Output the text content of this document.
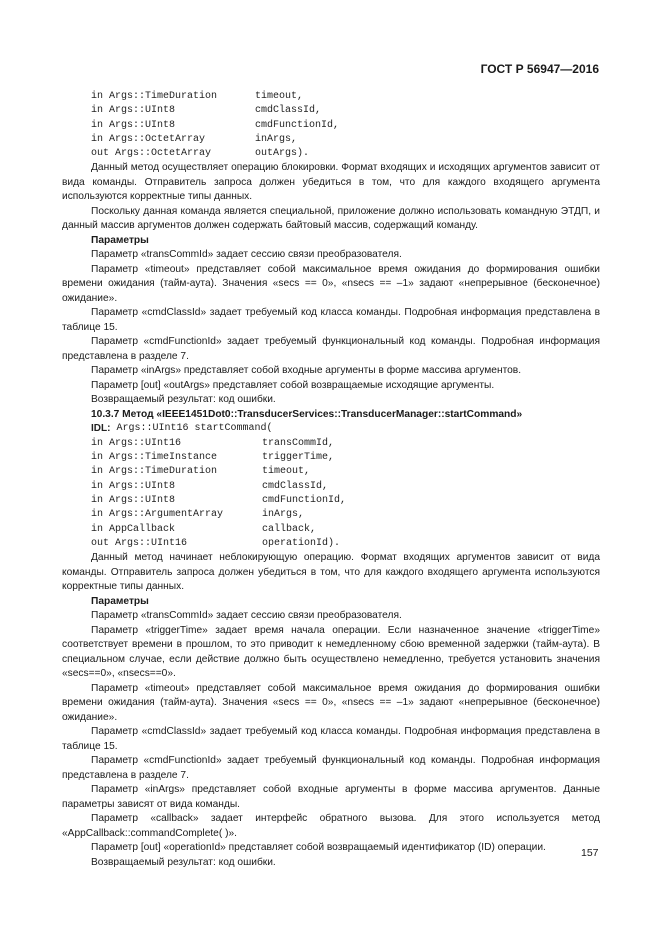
ГОСТ Р 56947—2016
in Args::TimeDuration	timeout,
in Args::UInt8	cmdClassId,
in Args::UInt8	cmdFunctionId,
in Args::OctetArray	inArgs,
out Args::OctetArray	outArgs).

Данный метод осуществляет операцию блокировки. Формат входящих и исходящих аргументов зависит от вида команды. Отправитель запроса должен убедиться в том, что для каждого входящего аргумента используются корректные типы данных.

Поскольку данная команда является специальной, приложение должно использовать командную ЭТДП, и данный массив аргументов должен содержать байтовый массив, содержащий команду.

Параметры

Параметр «transCommId» задает сессию связи преобразователя.

Параметр «timeout» представляет собой максимальное время ожидания до формирования ошибки времени ожидания (тайм-аута). Значения «secs == 0», «nsecs == –1» задают «непрерывное (бесконечное) ожидание».

Параметр «cmdClassId» задает требуемый код класса команды. Подробная информация представлена в таблице 15.

Параметр «cmdFunctionId» задает требуемый функциональный код команды. Подробная информация представлена в разделе 7.

Параметр «inArgs» представляет собой входные аргументы в форме массива аргументов.

Параметр [out] «outArgs» представляет собой возвращаемые исходящие аргументы.

Возвращаемый результат: код ошибки.

10.3.7 Метод «IEEE1451Dot0::TransducerServices::TransducerManager::startCommand»

IDL: Args::UInt16 startCommand(
in Args::UInt16	transCommId,
in Args::TimeInstance	triggerTime,
in Args::TimeDuration	timeout,
in Args::UInt8	cmdClassId,
in Args::UInt8	cmdFunctionId,
in Args::ArgumentArray	inArgs,
in AppCallback	callback,
out Args::UInt16	operationId).

Данный метод начинает неблокирующую операцию. Формат входящих аргументов зависит от вида команды. Отправитель запроса должен убедиться в том, что для каждого входящего аргумента используются корректные типы данных.

Параметры

Параметр «transCommId» задает сессию связи преобразователя.

Параметр «triggerTime» задает время начала операции. Если назначенное значение «triggerTime» соответствует времени в прошлом, то это приводит к немедленному сбою временной задержки (тайм-аута). В специальном случае, если действие должно быть осуществлено немедленно, требуется установить значения «secs==0», «nsecs==0».

Параметр «timeout» представляет собой максимальное время ожидания до формирования ошибки времени ожидания (тайм-аута). Значения «secs == 0», «nsecs == –1» задают «непрерывное (бесконечное) ожидание».

Параметр «cmdClassId» задает требуемый код класса команды. Подробная информация представлена в таблице 15.

Параметр «cmdFunctionId» задает требуемый функциональный код команды. Подробная информация представлена в разделе 7.

Параметр «inArgs» представляет собой входные аргументы в форме массива аргументов. Данные параметры зависят от вида команды.

Параметр «callback» задает интерфейс обратного вызова. Для этого используется метод «AppCallback::commandComplete( )».

Параметр [out] «operationId» представляет собой возвращаемый идентификатор (ID) операции.

Возвращаемый результат: код ошибки.

157
